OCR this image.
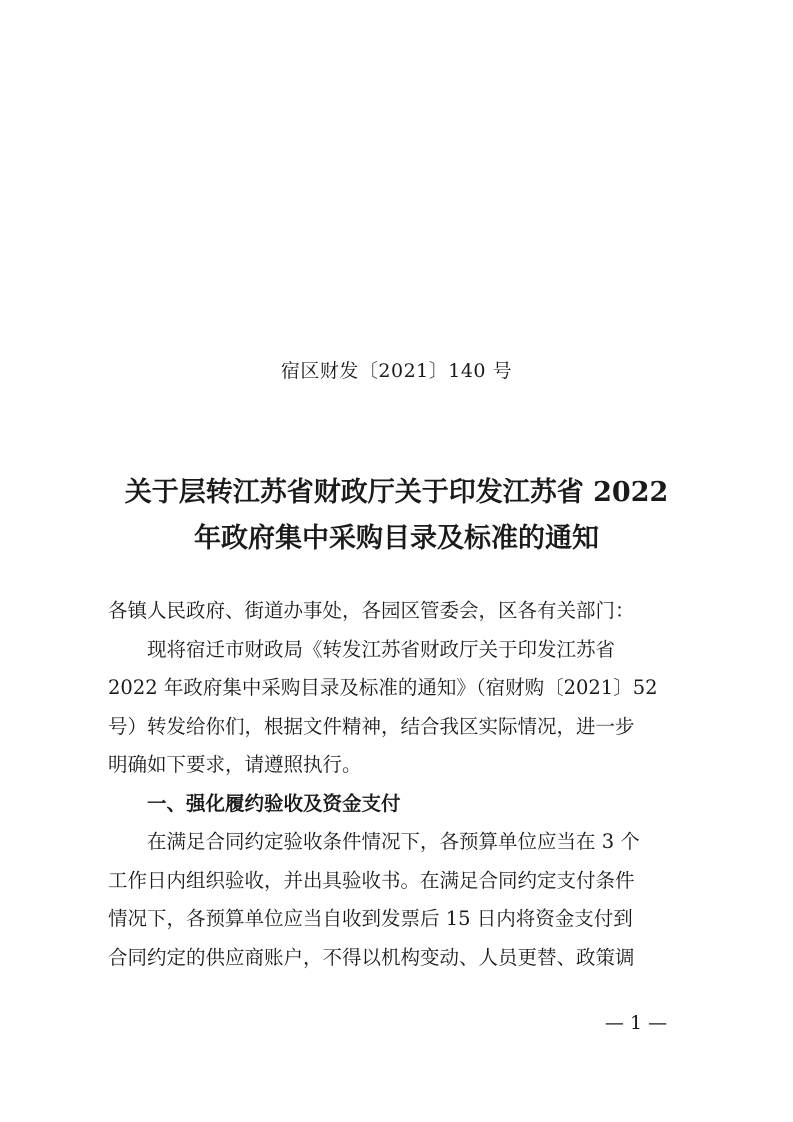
宿区财发〔2021〕140 号
关于层转江苏省财政厅关于印发江苏省 2022
年政府集中采购目录及标准的通知

各镇人民政府、街道办事处，各园区管委会，区各有关部门：

现将宿迁市财政局《转发江苏省财政厅关于印发江苏省

2022 年政府集中采购目录及标准的通知》（宿财购〔2021〕52

号）转发给你们，根据文件精神，结合我区实际情况，进一步

明确如下要求，请遵照执行。

一、强化履约验收及资金支付

在满足合同约定验收条件情况下，各预算单位应当在 3 个

工作日内组织验收，并出具验收书。在满足合同约定支付条件

情况下，各预算单位应当自收到发票后 15 日内将资金支付到

合同约定的供应商账户，不得以机构变动、人员更替、政策调

— 1 —
